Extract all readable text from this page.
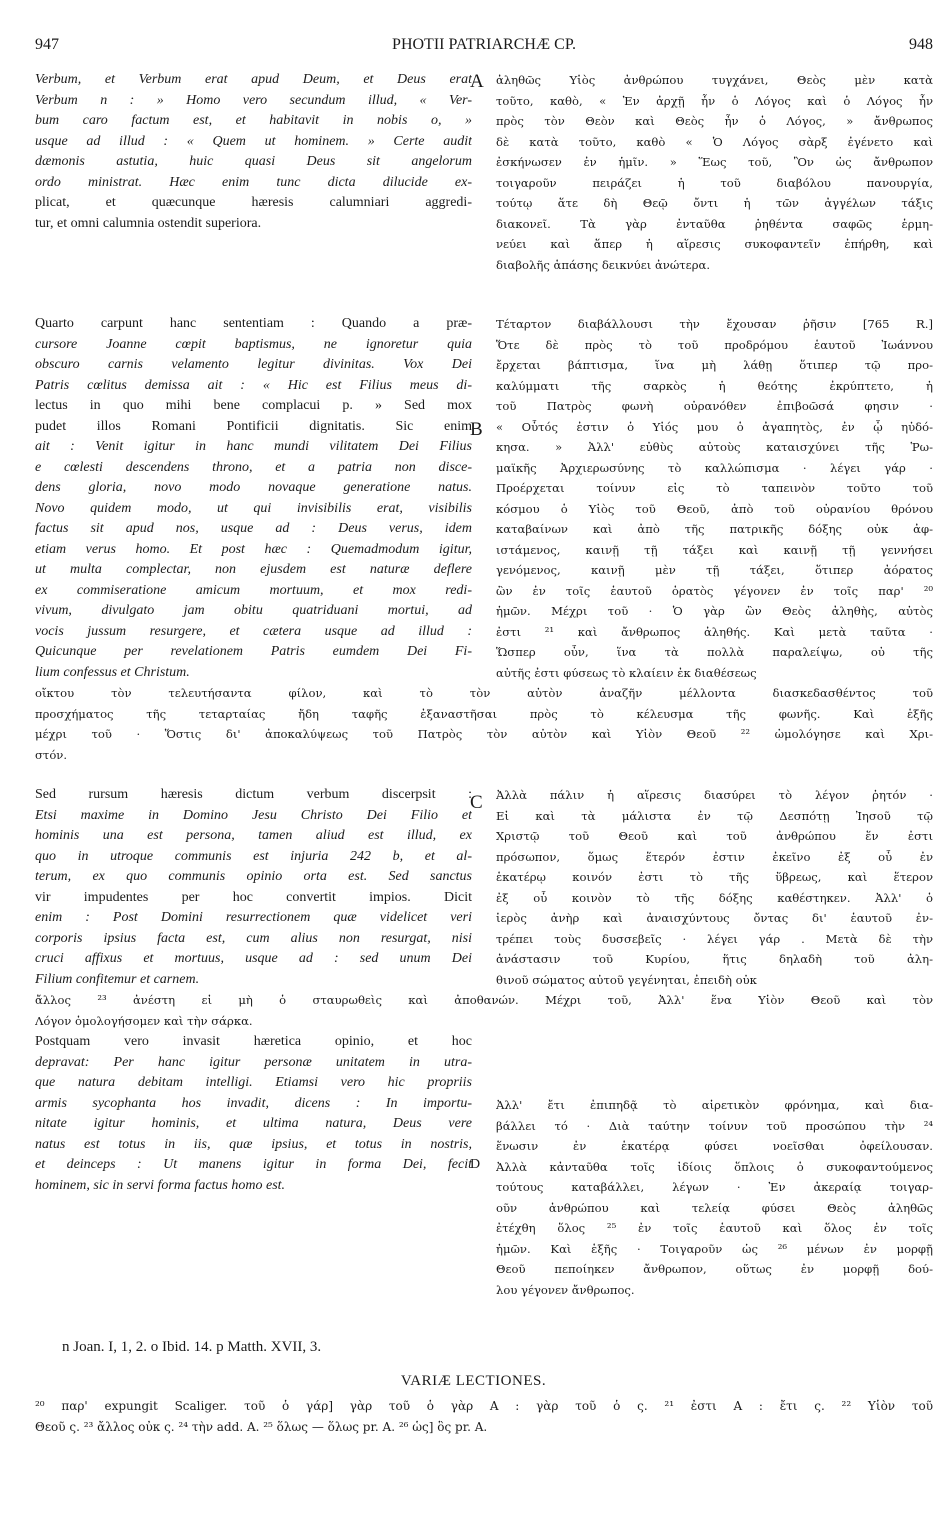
947	PHOTII PATRIARCHÆ CP.	948
A
B
C
D
Verbum, et Verbum erat apud Deum, et Deus erat
Verbum n : » Homo vero secundum illud, « Ver-
bum caro factum est, et habitavit in nobis o, »
usque ad illud : « Quem ut hominem. » Certe audit
dæmonis astutia, huic quasi Deus sit angelorum
ordo ministrat. Hæc enim tunc dicta dilucide ex-
plicat, et quæcunque hæresis calumniari aggredi-
tur, et omni calumnia ostendit superiora.
ἀληθῶς Υἱὸς ἀνθρώπου τυγχάνει, Θεὸς μὲν κατὰ
τοῦτο, καθὸ, « Ἐν ἀρχῇ ἦν ὁ Λόγος καὶ ὁ Λόγος ἦν
πρὸς τὸν Θεὸν καὶ Θεὸς ἦν ὁ Λόγος, » ἄνθρωπος
δὲ κατὰ τοῦτο, καθὸ « Ὁ Λόγος σὰρξ ἐγένετο καὶ
ἐσκήνωσεν ἐν ἡμῖν. » Ἕως τοῦ, Ὃν ὡς ἄνθρωπον
τοιγαροῦν πειράζει ἡ τοῦ διαβόλου πανουργία,
τούτῳ ἅτε δὴ Θεῷ ὄντι ἡ τῶν ἀγγέλων τάξις
διακονεῖ. Τὰ γὰρ ἐνταῦθα ῥηθέντα σαφῶς ἑρμη-
νεύει καὶ ἅπερ ἡ αἵρεσις συκοφαντεῖν ἐπήρθη, καὶ
διαβολῆς ἁπάσης δεικνύει ἀνώτερα.
Quarto carpunt hanc sententiam : Quando a præ-
cursore Joanne cœpit baptismus, ne ignoretur quia
obscuro carnis velamento legitur divinitas. Vox Dei
Patris cœlitus demissa ait : « Hic est Filius meus di-
lectus in quo mihi bene complacui p. » Sed mox
pudet illos Romani Pontificii dignitatis. Sic enim
ait : Venit igitur in hanc mundi vilitatem Dei Filius
e cœlesti descendens throno, et a patria non disce-
dens gloria, novo modo novaque generatione natus.
Novo quidem modo, ut qui invisibilis erat, visibilis
factus sit apud nos, usque ad : Deus verus, idem
etiam verus homo. Et post hæc : Quemadmodum igitur,
ut multa complectar, non ejusdem est naturæ deflere
ex commiseratione amicum mortuum, et mox redi-
vivum, divulgato jam obitu quatriduani mortui, ad
vocis jussum resurgere, et cætera usque ad illud :
Quicunque per revelationem Patris eumdem Dei Fi-
lium confessus et Christum.
Τέταρτον διαβάλλουσι τὴν ἔχουσαν ῥῆσιν [765 R.]
Ὅτε δὲ πρὸς τὸ τοῦ προδρόμου ἑαυτοῦ Ἰωάννου
ἔρχεται βάπτισμα, ἵνα μὴ λάθῃ ὅτιπερ τῷ προ-
καλύμματι τῆς σαρκὸς ἡ θεότης ἐκρύπτετο, ἡ
τοῦ Πατρὸς φωνὴ οὐρανόθεν ἐπιβοῶσά φησιν ·
« Οὗτός ἐστιν ὁ Υἱός μου ὁ ἀγαπητὸς, ἐν ᾧ ηὐδό-
κησα. » Ἀλλ' εὐθὺς αὐτοὺς καταισχύνει τῆς Ῥω-
μαϊκῆς Ἀρχιερωσύνης τὸ καλλώπισμα · λέγει γάρ ·
Προέρχεται τοίνυν εἰς τὸ ταπεινὸν τοῦτο τοῦ
κόσμου ὁ Υἱὸς τοῦ Θεοῦ, ἀπὸ τοῦ οὐρανίου θρόνου
καταβαίνων καὶ ἀπὸ τῆς πατρικῆς δόξης οὐκ ἀφ-
ιστάμενος, καινῇ τῇ τάξει καὶ καινῇ τῇ γεννήσει
γενόμενος, καινῇ μὲν τῇ τάξει, ὅτιπερ ἀόρατος
ὢν ἐν τοῖς ἑαυτοῦ ὁρατὸς γέγονεν ἐν τοῖς παρ' ²⁰
ἡμῶν. Μέχρι τοῦ · Ὁ γὰρ ὢν Θεὸς ἀληθὴς, αὐτὸς
ἐστι ²¹ καὶ ἄνθρωπος ἀληθής. Καὶ μετὰ ταῦτα ·
Ὥσπερ οὖν, ἵνα τὰ πολλὰ παραλείψω, οὐ τῆς
αὐτῆς ἐστι φύσεως τὸ κλαίειν ἐκ διαθέσεως
οἴκτου τὸν τελευτήσαντα φίλον, καὶ τὸ τὸν αὐτὸν ἀναζῆν μέλλοντα διασκεδασθέντος τοῦ
προσχήματος τῆς τεταρταίας ἤδη ταφῆς ἐξαναστῆσαι πρὸς τὸ κέλευσμα τῆς φωνῆς. Καὶ ἑξῆς
μέχρι τοῦ · Ὅστις δι' ἀποκαλύψεως τοῦ Πατρὸς τὸν αὐτὸν καὶ Υἱὸν Θεοῦ ²² ὡμολόγησε καὶ Χρι-
στόν.
Sed rursum hæresis dictum verbum discerpsit :
Etsi maxime in Domino Jesu Christo Dei Filio et
hominis una est persona, tamen aliud est illud, ex
quo in utroque communis est injuria 242 b, et al-
terum, ex quo communis opinio orta est. Sed sanctus
vir impudentes per hoc convertit impios. Dicit
enim : Post Domini resurrectionem quæ videlicet veri
corporis ipsius facta est, cum alius non resurgat, nisi
cruci affixus et mortuus, usque ad : sed unum Dei
Filium confitemur et carnem.
Ἀλλὰ πάλιν ἡ αἵρεσις διασύρει τὸ λέγον ῥητόν ·
Εἰ καὶ τὰ μάλιστα ἐν τῷ Δεσπότῃ Ἰησοῦ τῷ
Χριστῷ τοῦ Θεοῦ καὶ τοῦ ἀνθρώπου ἕν ἐστι
πρόσωπον, ὅμως ἕτερόν ἐστιν ἐκεῖνο ἐξ οὗ ἐν
ἑκατέρῳ κοινόν ἐστι τὸ τῆς ὕβρεως, καὶ ἕτερον
ἐξ οὗ κοινὸν τὸ τῆς δόξης καθέστηκεν. Ἀλλ' ὁ
ἱερὸς ἀνὴρ καὶ ἀναισχύντους ὄντας δι' ἑαυτοῦ ἐν-
τρέπει τοὺς δυσσεβεῖς · λέγει γάρ . Μετὰ δὲ τὴν
ἀνάστασιν τοῦ Κυρίου, ἥτις δηλαδὴ τοῦ ἀλη-
θινοῦ σώματος αὐτοῦ γεγένηται, ἐπειδὴ οὐκ
ἄλλος ²³ ἀνέστη εἰ μὴ ὁ σταυρωθεὶς καὶ ἀποθανών. Μέχρι τοῦ, Ἀλλ' ἕνα Υἱὸν Θεοῦ καὶ τὸν
Λόγον ὁμολογήσομεν καὶ τὴν σάρκα.
Postquam vero invasit hæretica opinio, et hoc
depravat: Per hanc igitur personæ unitatem in utra-
que natura debitam intelligi. Etiamsi vero hic propriis
armis sycophanta hos invadit, dicens : In importu-
nitate igitur hominis, et ultima natura, Deus vere
natus est totus in iis, quæ ipsius, et totus in nostris,
et deinceps : Ut manens igitur in forma Dei, fecit
hominem, sic in servi forma factus homo est.
Ἀλλ' ἔτι ἐπιπηδᾷ τὸ αἱρετικὸν φρόνημα, καὶ δια-
βάλλει τό · Διὰ ταύτην τοίνυν τοῦ προσώπου τὴν ²⁴
ἕνωσιν ἐν ἑκατέρᾳ φύσει νοεῖσθαι ὀφείλουσαν.
Ἀλλὰ κἀνταῦθα τοῖς ἰδίοις ὅπλοις ὁ συκοφαντούμενος
τούτους καταβάλλει, λέγων · Ἐν ἀκεραίᾳ τοιγαρ-
οῦν ἀνθρώπου καὶ τελείᾳ φύσει Θεὸς ἀληθῶς
ἐτέχθη ὅλος ²⁵ ἐν τοῖς ἑαυτοῦ καὶ ὅλος ἐν τοῖς
ἡμῶν. Καὶ ἑξῆς · Τοιγαροῦν ὡς ²⁶ μένων ἐν μορφῇ
Θεοῦ πεποίηκεν ἄνθρωπον, οὕτως ἐν μορφῇ δού-
λου γέγονεν ἄνθρωπος.
n Joan. I, 1, 2. o Ibid. 14. p Matth. XVII, 3.
VARIÆ LECTIONES.
²⁰ παρ' expungit Scaliger. τοῦ ὁ γάρ] γὰρ τοῦ ὁ γὰρ A : γὰρ τοῦ ὁ ς. ²¹ ἐστι A : ἔτι ς. ²² Υἱὸν τοῦ
Θεοῦ ς. ²³ ἄλλος οὐκ ς. ²⁴ τὴν add. A. ²⁵ ὅλως — ὅλως pr. A. ²⁶ ὡς] ὃς pr. A.
